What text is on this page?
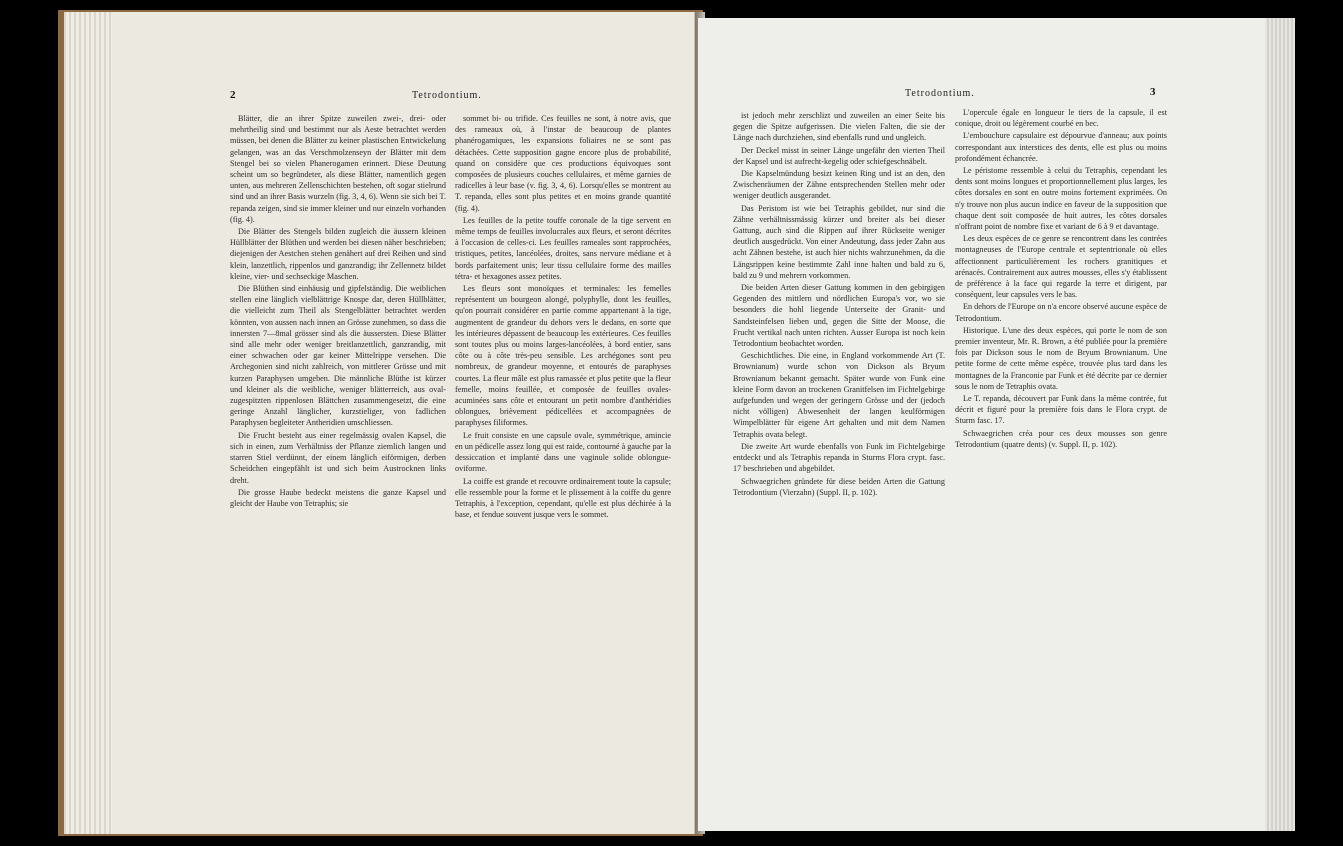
2	Tetrodontium.

Blätter, die an ihrer Spitze zuweilen zwei-, drei- oder mehrtheilig sind und bestimmt nur als Aeste betrachtet werden müssen, bei denen die Blätter zu keiner plastischen Entwickelung gelangen, was an das Verschmolzenseyn der Blätter mit dem Stengel bei so vielen Phanerogamen erinnert. Diese Deutung scheint um so begründeter, als diese Blätter, namentlich gegen unten, aus mehreren Zellenschichten bestehen, oft sogar stielrund sind und an ihrer Basis wurzeln (fig. 3, 4, 6). Wenn sie sich bei T. repanda zeigen, sind sie immer kleiner und nur einzeln vorhanden (fig. 4).

Die Blätter des Stengels bilden zugleich die äussern kleinen Hüllblätter der Blüthen und werden bei diesen näher beschrieben; diejenigen der Aestchen stehen genähert auf drei Reihen und sind klein, lanzettlich, rippenlos und ganzrandig; ihr Zellennetz bildet kleine, vier- und sechseckige Maschen.

Die Blüthen sind einhäusig und gipfelständig. Die weiblichen stellen eine länglich vielblättrige Knospe dar, deren Hüllblätter, die vielleicht zum Theil als Stengelblätter betrachtet werden könnten, von aussen nach innen an Grösse zunehmen, so dass die innersten 7—8mal grösser sind als die äussersten. Diese Blätter sind alle mehr oder weniger breitlanzettlich, ganzrandig, mit einer schwachen oder gar keiner Mittelrippe versehen. Die Archegonien sind nicht zahlreich, von mittlerer Grösse und mit kurzen Paraphysen umgeben. Die männliche Blüthe ist kürzer und kleiner als die weibliche, weniger blätterreich, aus oval-zugespitzten rippenlosen Blättchen zusammengesetzt, die eine geringe Anzahl länglicher, kurzstieliger, von fadlichen Paraphysen begleiteter Antheridien umschliessen.

Die Frucht besteht aus einer regelmässig ovalen Kapsel, die sich in einen, zum Verhältniss der Pflanze ziemlich langen und starren Stiel verdünnt, der einem länglich eiförmigen, derben Scheidchen eingepfählt ist und sich beim Austrocknen links dreht.

Die grosse Haube bedeckt meistens die ganze Kapsel und gleicht der Haube von Tetraphis; sie

sommet bi- ou trifide. Ces feuilles ne sont, à notre avis, que des rameaux où, à l'instar de beaucoup de plantes phanérogamiques, les expansions foliaires ne se sont pas détachées. Cette supposition gagne encore plus de probabilité, quand on considère que ces productions équivoques sont composées de plusieurs couches cellulaires, et même garnies de radicelles à leur base (v. fig. 3, 4, 6). Lorsqu'elles se montrent au T. repanda, elles sont plus petites et en moins grande quantité (fig. 4).

Les feuilles de la petite touffe coronale de la tige servent en même temps de feuilles involucrales aux fleurs, et seront décrites à l'occasion de celles-ci. Les feuilles rameales sont rapprochées, tristiques, petites, lancéolées, droites, sans nervure médiane et à bords parfaitement unis; leur tissu cellulaire forme des mailles tétra- et hexagones assez petites.

Les fleurs sont monoïques et terminales: les femelles représentent un bourgeon alongé, polyphylle, dont les feuilles, qu'on pourrait considérer en partie comme appartenant à la tige, augmentent de grandeur du dehors vers le dedans, en sorte que les intérieures dépassent de beaucoup les extérieures. Ces feuilles sont toutes plus ou moins larges-lancéolées, à bord entier, sans côte ou à côte très-peu sensible. Les archégones sont peu nombreux, de grandeur moyenne, et entourés de paraphyses courtes. La fleur mâle est plus ramassée et plus petite que la fleur femelle, moins feuillée, et composée de feuilles ovales-acuminées sans côte et entourant un petit nombre d'anthéridies oblongues, brièvement pédicellées et accompagnées de paraphyses filiformes.

Le fruit consiste en une capsule ovale, symmétrique, amincie en un pédicelle assez long qui est raide, contourné à gauche par la dessiccation et implanté dans une vaginule solide oblongue-oviforme.

La coiffe est grande et recouvre ordinairement toute la capsule; elle ressemble pour la forme et le plissement à la coiffe du genre Tetraphis, à l'exception, cependant, qu'elle est plus déchirée à la base, et fendue souvent jusque vers le sommet.

Tetrodontium.	3

ist jedoch mehr zerschlizt und zuweilen an einer Seite bis gegen die Spitze aufgerissen. Die vielen Falten, die sie der Länge nach durchziehen, sind ebenfalls rund und ungleich.

Der Deckel misst in seiner Länge ungefähr den vierten Theil der Kapsel und ist aufrecht-kegelig oder schiefgeschnäbelt.

Die Kapselmündung besizt keinen Ring und ist an den, den Zwischenräumen der Zähne entsprechenden Stellen mehr oder weniger deutlich ausgerandet.

Das Peristom ist wie bei Tetraphis gebildet, nur sind die Zähne verhältnissmässig kürzer und breiter als bei dieser Gattung, auch sind die Rippen auf ihrer Rückseite weniger deutlich ausgedrückt. Von einer Andeutung, dass jeder Zahn aus acht Zähnen bestehe, ist auch hier nichts wahrzunehmen, da die Längsrippen keine bestimmte Zahl inne halten und bald zu 6, bald zu 9 und mehrern vorkommen.

Die beiden Arten dieser Gattung kommen in den gebirgigen Gegenden des mittlern und nördlichen Europa's vor, wo sie besonders die hohl liegende Unterseite der Granit- und Sandsteinfelsen lieben und, gegen die Sitte der Moose, die Frucht vertikal nach unten richten. Ausser Europa ist noch kein Tetrodontium beobachtet worden.

Geschichtliches. Die eine, in England vorkommende Art (T. Brownianum) wurde schon von Dickson als Bryum Brownianum bekannt gemacht. Später wurde von Funk eine kleine Form davon an trockenen Granitfelsen im Fichtelgebirge aufgefunden und wegen der geringern Grösse und der (jedoch nicht völligen) Abwesenheit der langen keulförmigen Wimpelblätter für eigene Art gehalten und mit dem Namen Tetraphis ovata belegt.

Die zweite Art wurde ebenfalls von Funk im Fichtelgebirge entdeckt und als Tetraphis repanda in Sturms Flora crypt. fasc. 17 beschrieben und abgebildet.

Schwaegrichen gründete für diese beiden Arten die Gattung Tetrodontium (Vierzahn) (Suppl. II, p. 102).

L'opercule égale en longueur le tiers de la capsule, il est conique, droit ou légèrement courbé en bec.

L'embouchure capsulaire est dépourvue d'anneau; aux points correspondant aux interstices des dents, elle est plus ou moins profondément échancrée.

Le péristome ressemble à celui du Tetraphis, cependant les dents sont moins longues et proportionnellement plus larges, les côtes dorsales en sont en outre moins fortement exprimées. On n'y trouve non plus aucun indice en faveur de la supposition que chaque dent soit composée de huit autres, les côtes dorsales n'offrant point de nombre fixe et variant de 6 à 9 et davantage.

Les deux espèces de ce genre se rencontrent dans les contrées montagneuses de l'Europe centrale et septentrionale où elles affectionnent particulièrement les rochers granitiques et arénacés. Contrairement aux autres mousses, elles s'y établissent de préférence à la face qui regarde la terre et dirigent, par conséquent, leur capsules vers le bas.

En dehors de l'Europe on n'a encore observé aucune espèce de Tetrodontium.

Historique. L'une des deux espèces, qui porte le nom de son premier inventeur, Mr. R. Brown, a été publiée pour la première fois par Dickson sous le nom de Bryum Brownianum. Une petite forme de cette même espèce, trouvée plus tard dans les montagnes de la Franconie par Funk et été décrite par ce dernier sous le nom de Tetraphis ovata.

Le T. repanda, découvert par Funk dans la même contrée, fut décrit et figuré pour la première fois dans le Flora crypt. de Sturm fasc. 17.

Schwaegrichen créa pour ces deux mousses son genre Tetrodontium (quatre dents) (v. Suppl. II, p. 102).
